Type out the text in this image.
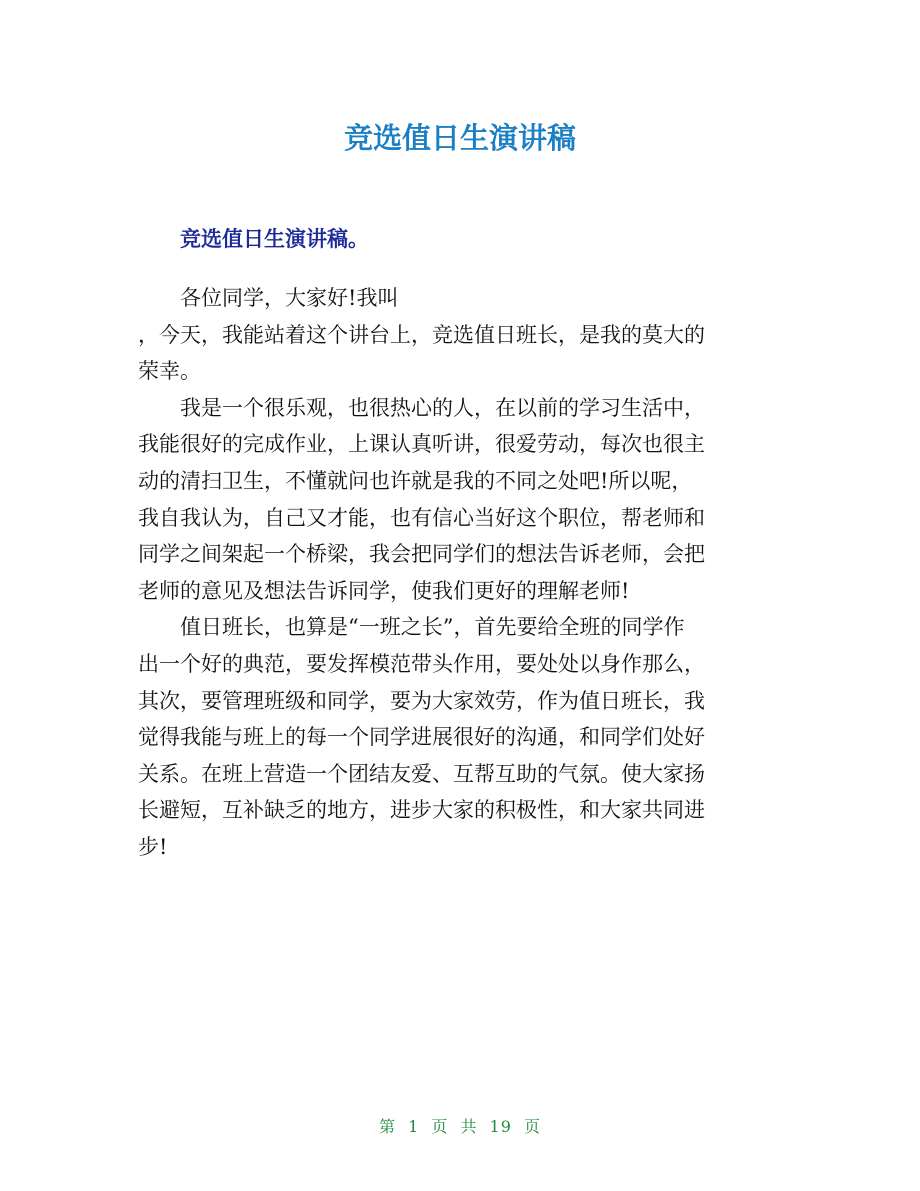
竞选值日生演讲稿
竞选值日生演讲稿。
各位同学，大家好!我叫
，今天，我能站着这个讲台上，竞选值日班长，是我的莫大的
荣幸。
我是一个很乐观，也很热心的人，在以前的学习生活中，
我能很好的完成作业，上课认真听讲，很爱劳动，每次也很主
动的清扫卫生，不懂就问也许就是我的不同之处吧!所以呢，
我自我认为，自己又才能，也有信心当好这个职位，帮老师和
同学之间架起一个桥梁，我会把同学们的想法告诉老师，会把
老师的意见及想法告诉同学，使我们更好的理解老师!
值日班长，也算是“一班之长”，首先要给全班的同学作
出一个好的典范，要发挥模范带头作用，要处处以身作那么，
其次，要管理班级和同学，要为大家效劳，作为值日班长，我
觉得我能与班上的每一个同学进展很好的沟通，和同学们处好
关系。在班上营造一个团结友爱、互帮互助的气氛。使大家扬
长避短，互补缺乏的地方，进步大家的积极性，和大家共同进
步!
第 1 页 共 19 页
